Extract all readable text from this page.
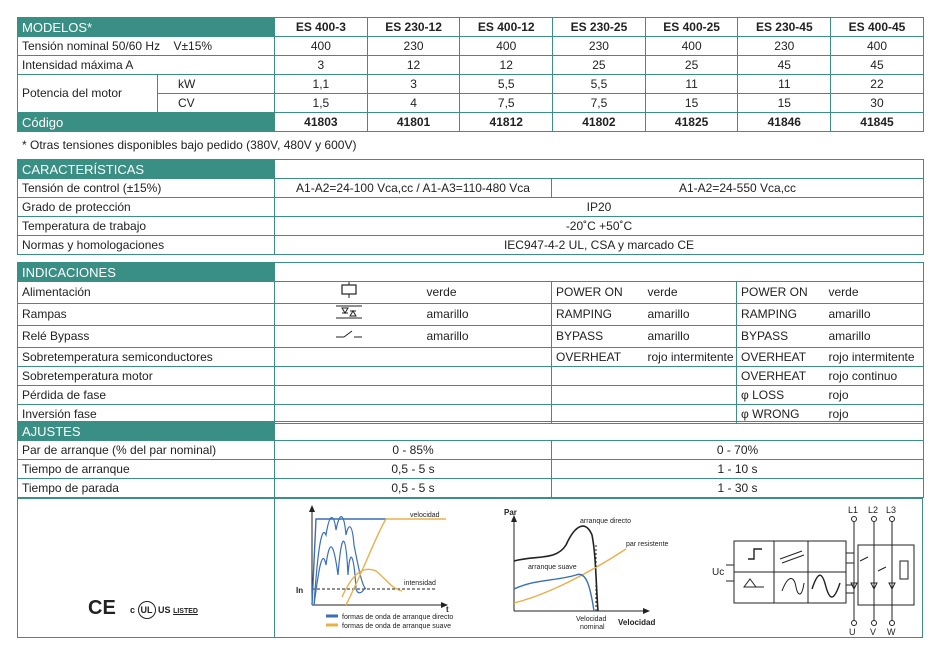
MODELOS*		ES 400-3	ES 230-12	ES 400-12	ES 230-25	ES 400-25	ES 230-45	ES 400-45
Tensión nominal 50/60 Hz V±15%		400	230	400	230	400	230	400
Intensidad máxima A		3	12	12	25	25	45	45
Potencia del motor	kW	1,1	3	5,5	5,5	11	11	22
	CV	1,5	4	7,5	7,5	15	15	30
Código		41803	41801	41812	41802	41825	41846	41845
* Otras tensiones disponibles bajo pedido (380V, 480V y 600V)
CARACTERÍSTICAS		
Tensión de control (±15%)	A1-A2=24-100 Vca,cc / A1-A3=110-480 Vca	A1-A2=24-550 Vca,cc
Grado de protección	IP20	
Temperatura de trabajo	-20˚C +50˚C	
Normas y homologaciones	IEC947-4-2 UL, CSA y marcado CE	
INDICACIONES						
Alimentación		verde	POWER ON	verde	POWER ON	verde
Rampas		amarillo	RAMPING	amarillo	RAMPING	amarillo
Relé Bypass		amarillo	BYPASS	amarillo	BYPASS	amarillo
Sobretemperatura semiconductores			OVERHEAT	rojo intermitente	OVERHEAT	rojo intermitente
Sobretemperatura motor					OVERHEAT	rojo continuo
Pérdida de fase					φ LOSS	rojo
Inversión fase					φ WRONG	rojo
AJUSTES		
Par de arranque (% del par nominal)	0 - 85%	0 - 70%
Tiempo de arranque	0,5 - 5 s	1 - 10 s
Tiempo de parada	0,5 - 5 s	1 - 30 s
CE c UL US LISTED
velocidad
intensidad
In
t
formas de onda de arranque directo
formas de onda de arranque suave
Par
arranque directo
par resistente
arranque suave
Velocidad
nominal
Velocidad
Uc
L1 L2 L3
U V W
